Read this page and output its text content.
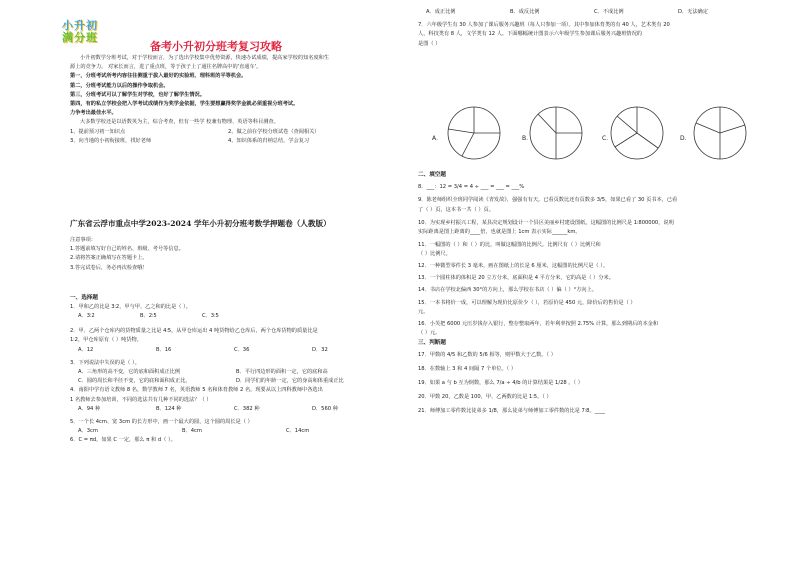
小升初
满分班
备考小升初分班考复习攻略
小升初数学分班考试，对于学校而言，为了选出学校集中优势资源，快速办试成绩，提高家学校的知名度和生
源上的竞争力。 对家长而言，进了重点班，等于孩子上了通往名牌高中的'直通车'。
第一，分班考试所考内容往往侧重于拔入最好的实验班、理科班的平等机会。
第二，分班考试能力以后的操作争取机会。
第三，分班考试可以了解学生对学校，也好了解学生情况。
第四，有的私立学校会把入学考试成绩作为奖学金依据，学生要想赢得奖学金就必须重视分班考试。
力争考出最佳水平。
大多数学校还是以语数英为主，综合考查，但有一些学 校兼有物理、英语等科目测查。
1、提前预习初一知识点	2、做之前在学校分班试卷（查阅相关）
3、向当地的小初衔接班，找好老师	4、知识体系的归纳总结，学会复习
广东省云浮市重点中学2023-2024 学年小升初分班考数学押题卷（人教版）
注意事项：
1.答题前填写好自己的姓名、班级、考号等信息。
2.请将答案正确填写在答题卡上。
3.答完试卷后，务必再次检查哦！
一、选择题
1．甲和乙的比是 3∶2，甲与甲、乙之和的比是（ ）。
A．3∶2	B．2∶5	C．3∶5
2．甲、乙两个仓库内的货物质量之比是 4∶5，从甲仓库运出 4 吨货物给乙仓库后，两个仓库货物的质量比是
1∶2，甲仓库原有（ ）吨货物。
A．12	B．16	C．36	D．32
3．下列说法中失误的是（ ）。
A．三角形的高不变，它的底和面积成正比例	B．平行四边形的面积一定，它的底和高
C．圆的周长和半径不变，它的底和面积成正比。	D．同学们的年龄一定，它的身高和体重成正比
4．南阳中学有语文教师 8 名，数学教师 7 名，英语教师 5 名和体育教师 2 名。现要从以上四科教师中各选出
1 名教师去参加培训，不同的选法共有几种不同的选法？（ ）
A．94 种	B．124 种	C．382 种	D．560 种
5．一个长 4cm、宽 3cm 的长方形中，画一个最大的圆，这个圆的周长是（ ）
A．3cm	B．4cm	C．14cm
6．C = πd，如果 C 一定，那么 π 和 d（ ）。
A．成正比例	B．成反比例	C．不成比例	D．无法确定
7．六年级学生有 30 人参加了课后服务兴趣班（每人只参加一项）。其中参加体育类的有 40 人，艺术类有 20
人，科技类有 8 人，文学类有 12 人。下面哪幅统计图表示六年级学生参加课后服务兴趣班情况的
是图（ ）
A．	B．	C．	D．
二、填空题
8．___：12 = 3/4 = 4 ÷ ___ = ___ = ___%
9．陈老师组织全班同学阅读《青发故》，强强有有天。已看页数比还有页数多 3/5，如果已看了 30 页书本，已看
了（ ）页，这本书一共（ ）页。
10．为实现乡村振兴工程，某县决定规划设计一个县区美丽乡村建设图纸，这幅图的比例尺是 1∶800000，说明
实际距离是图上距离的____倍，也就是图上 1cm 表示实际______km。
11．一幅图的（ ）和（ ）的比，叫做这幅图的比例尺。比例尺有（ ）比例尺和
（ ）比例尺。
12．一种微型零件长 3 毫米，画在图纸上的长是 6 厘米，这幅图的比例尺是（ ）。
13．一个圆柱体的体积是 20 立方分米，底面积是 4 平方分米，它的高是（ ）分米。
14．书店在学校北偏西 30°的方向上，那么学校在书店（ ）偏（ ）°方向上。
15．一本书将价一成，可以理解为现价比原价少（ ），若原价是 450 元，降价后的售价是（ ）
元。
16．小芙把 6000 元压岁钱存入银行，整存整取两年，若年利率按照 2.75% 计算，那么到期后的本金和
（ ）元。
三、判断题
17．甲数的 4/5 和乙数的 5/6 相等，则甲数大于乙数。（ ）
18．在数轴上 3 和 4 间隔 7 个单位。（ ）
19．如果 a 与 b 互为倒数，那么 7/a ÷ 4/b 的计算结果是 1/28 。（ ）
20．甲数 20，乙数是 100，甲、乙两数的比是 1∶5。（ ）
21．师傅加工零件数比徒弟多 1/8，那么徒弟与师傅加工零件数的比是 7∶8。____
